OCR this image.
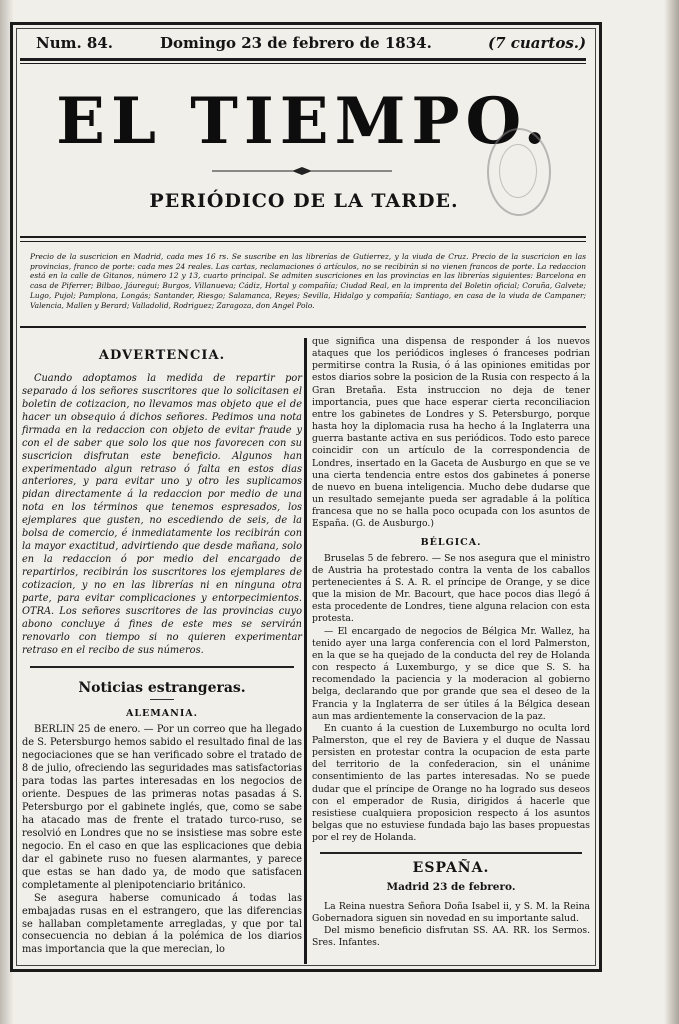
Num. 84.	Domingo 23 de febrero de 1834.	(7 cuartos.)
EL TIEMPO.
PERIÓDICO DE LA TARDE.
Precio de la suscricion en Madrid, cada mes 16 rs. Se suscribe en las librerías de Gutierrez, y la viuda de Cruz. Precio de la suscricion en las provincias, franco de porte: cada mes 24 reales. Las cartas, reclamaciones ó artículos, no se recibirán si no vienen francos de porte. La redaccion está en la calle de Gitanos, número 12 y 13, cuarto principal. Se admiten suscriciones en las provincias en las librerías siguientes: Barcelona en casa de Piferrer; Bilbao, Jáuregui; Burgos, Villanueva; Cádiz, Hortal y compañía; Ciudad Real, en la imprenta del Boletin oficial; Coruña, Galvete; Lugo, Pujol; Pamplona, Longás; Santander, Riesgo; Salamanca, Reyes; Sevilla, Hidalgo y compañía; Santiago, en casa de la viuda de Campaner; Valencia, Mallen y Berard; Valladolid, Rodriguez; Zaragoza, don Angel Polo.
ADVERTENCIA.

Cuando adoptamos la medida de repartir por separado á los señores suscritores que lo solicitasen el boletin de cotizacion, no llevamos mas objeto que el de hacer un obsequio á dichos señores. Pedimos una nota firmada en la redaccion con objeto de evitar fraude y con el de saber que solo los que nos favorecen con su suscricion disfrutan este beneficio. Algunos han experimentado algun retraso ó falta en estos dias anteriores, y para evitar uno y otro les suplicamos pidan directamente á la redaccion por medio de una nota en los términos que tenemos espresados, los ejemplares que gusten, no escediendo de seis, de la bolsa de comercio, é inmediatamente los recibirán con la mayor exactitud, advirtiendo que desde mañana, solo en la redaccion ó por medio del encargado de repartirlos, recibirán los suscritores los ejemplares de cotizacion, y no en las librerías ni en ninguna otra parte, para evitar complicaciones y entorpecimientos. OTRA. Los señores suscritores de las provincias cuyo abono concluye á fines de este mes se servirán renovarlo con tiempo si no quieren experimentar retraso en el recibo de sus números.

Noticias estrangeras.
ALEMANIA.

BERLIN 25 de enero. — Por un correo que ha llegado de S. Petersburgo hemos sabido el resultado final de las negociaciones que se han verificado sobre el tratado de 8 de julio, ofreciendo las seguridades mas satisfactorias para todas las partes interesadas en los negocios de oriente. Despues de las primeras notas pasadas á S. Petersburgo por el gabinete inglés, que, como se sabe ha atacado mas de frente el tratado turco-ruso, se resolvió en Londres que no se insistiese mas sobre este negocio. En el caso en que las esplicaciones que debia dar el gabinete ruso no fuesen alarmantes, y parece que estas se han dado ya, de modo que satisfacen completamente al plenipotenciario británico.

Se asegura haberse comunicado á todas las embajadas rusas en el estrangero, que las diferencias se hallaban completamente arregladas, y que por tal consecuencia no debian á la polémica de los diarios mas importancia que la que merecian, lo

que significa una dispensa de responder á los nuevos ataques que los periódicos ingleses ó franceses podrian permitirse contra la Rusia, ó á las opiniones emitidas por estos diarios sobre la posicion de la Rusia con respecto á la Gran Bretaña. Esta instruccion no deja de tener importancia, pues que hace esperar cierta reconciliacion entre los gabinetes de Londres y S. Petersburgo, porque hasta hoy la diplomacia rusa ha hecho á la Inglaterra una guerra bastante activa en sus periódicos. Todo esto parece coincidir con un artículo de la correspondencia de Londres, insertado en la Gaceta de Ausburgo en que se ve una cierta tendencia entre estos dos gabinetes á ponerse de nuevo en buena inteligencia. Mucho debe dudarse que un resultado semejante pueda ser agradable á la política francesa que no se halla poco ocupada con los asuntos de España. (G. de Ausburgo.)

BÉLGICA.

Bruselas 5 de febrero. — Se nos asegura que el ministro de Austria ha protestado contra la venta de los caballos pertenecientes á S. A. R. el príncipe de Orange, y se dice que la mision de Mr. Bacourt, que hace pocos dias llegó á esta procedente de Londres, tiene alguna relacion con esta protesta.

— El encargado de negocios de Bélgica Mr. Wallez, ha tenido ayer una larga conferencia con el lord Palmerston, en la que se ha quejado de la conducta del rey de Holanda con respecto á Luxemburgo, y se dice que S. S. ha recomendado la paciencia y la moderacion al gobierno belga, declarando que por grande que sea el deseo de la Francia y la Inglaterra de ser útiles á la Bélgica desean aun mas ardientemente la conservacion de la paz.

En cuanto á la cuestion de Luxemburgo no oculta lord Palmerston, que el rey de Baviera y el duque de Nassau persisten en protestar contra la ocupacion de esta parte del territorio de la confederacion, sin el unánime consentimiento de las partes interesadas. No se puede dudar que el príncipe de Orange no ha logrado sus deseos con el emperador de Rusia, dirigidos á hacerle que resistiese cualquiera proposicion respecto á los asuntos belgas que no estuviese fundada bajo las bases propuestas por el rey de Holanda.

ESPAÑA.
Madrid 23 de febrero.

La Reina nuestra Señora Doña Isabel ii, y S. M. la Reina Gobernadora siguen sin novedad en su importante salud.

Del mismo beneficio disfrutan SS. AA. RR. los Sermos. Sres. Infantes.
